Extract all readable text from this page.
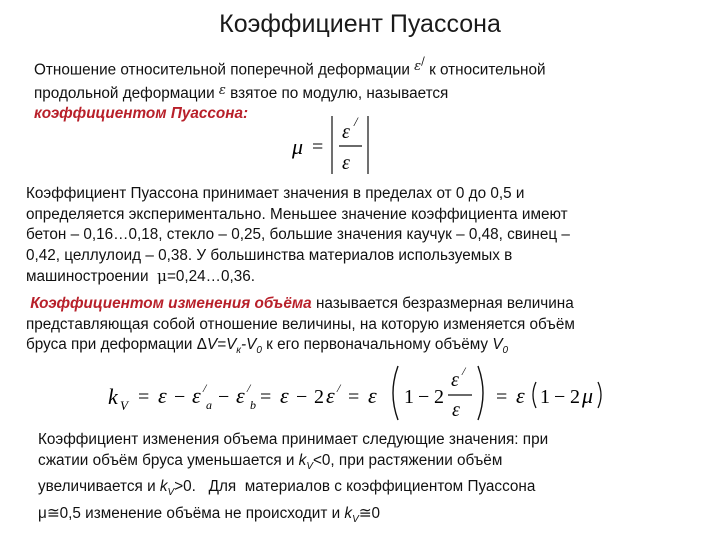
Коэффициент Пуассона
Отношение относительной поперечной деформации $^{\varepsilon^/}$ к относительной
продольной деформации $^\varepsilon$ взятое по модулю, называется
коэффициентом Пуассона:
μ =
ε /
ε
Коэффициент Пуассона принимает значения в пределах от 0 до 0,5 и
определяется экспериментально. Меньшее значение коэффициента имеют
бетон – 0,16…0,18, стекло – 0,25, большие значения каучук – 0,48, свинец –
0,42, целлулоид – 0,38. У большинства материалов используемых в
машиностроении μ=0,24…0,36.
Коэффициентом изменения объёма называется безразмерная величина
представляющая собой отношение величины, на которую изменяется объём
бруса при деформации $\Delta V=V_к-V_0$ к его первоначальному объёму $V_0$
k V = ε − ε /
a − ε /
b = ε − 2 ε / = ε 1 − 2
ε /
ε
= ε 1 − 2 μ
Коэффициент изменения объема принимает следующие значения: при
сжатии объём бруса уменьшается и $k_V<0$, при растяжении объём
увеличивается и $k_V>0$.   Для  материалов с коэффициентом Пуассона
μ≅0,5 изменение объёма не происходит и $k_V≅0$
